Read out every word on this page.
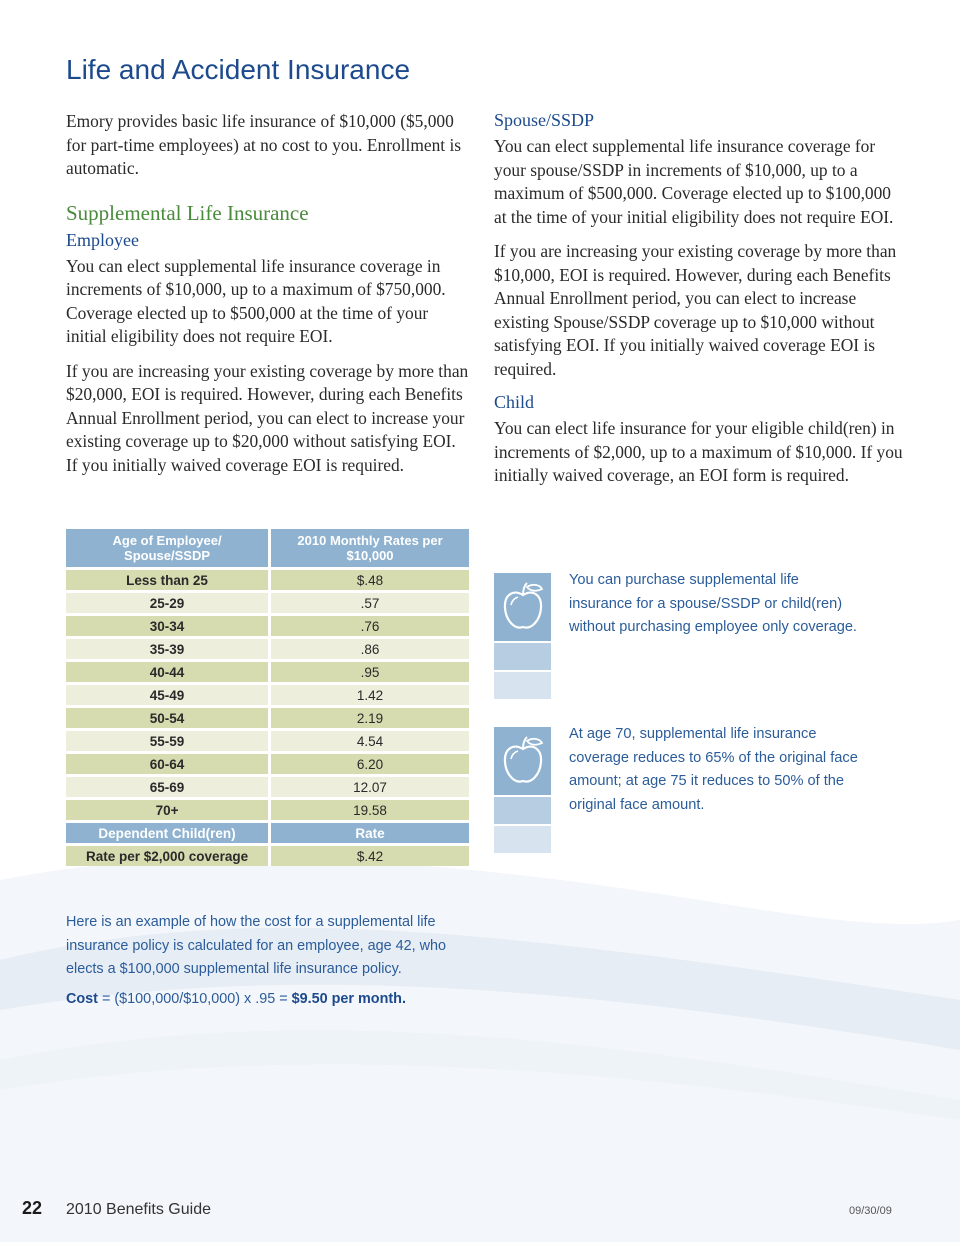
Life and Accident Insurance

Emory provides basic life insurance of $10,000 ($5,000 for part-time employees) at no cost to you. Enrollment is automatic.

Supplemental Life Insurance
Employee

You can elect supplemental life insurance coverage in increments of $10,000, up to a maximum of $750,000. Coverage elected up to $500,000 at the time of your initial eligibility does not require EOI.

If you are increasing your existing coverage by more than $20,000, EOI is required. However, during each Benefits Annual Enrollment period, you can elect to increase your existing coverage up to $20,000 without satisfying EOI. If you initially waived coverage EOI is required.

Age of Employee/ Spouse/SSDP	2010 Monthly Rates per $10,000
Less than 25	$.48
25-29	.57
30-34	.76
35-39	.86
40-44	.95
45-49	1.42
50-54	2.19
55-59	4.54
60-64	6.20
65-69	12.07
70+	19.58
Dependent Child(ren)	Rate
Rate per $2,000 coverage	$.42

Here is an example of how the cost for a supplemental life insurance policy is calculated for an employee, age 42, who elects a $100,000 supplemental life insurance policy.

Cost = ($100,000/$10,000) x .95 = $9.50 per month.

Spouse/SSDP

You can elect supplemental life insurance coverage for your spouse/SSDP in increments of $10,000, up to a maximum of $500,000. Coverage elected up to $100,000 at the time of your initial eligibility does not require EOI.

If you are increasing your existing coverage by more than $10,000, EOI is required. However, during each Benefits Annual Enrollment period, you can elect to increase existing Spouse/SSDP coverage up to $10,000 without satisfying EOI. If you initially waived coverage EOI is required.

Child

You can elect life insurance for your eligible child(ren) in increments of $2,000, up to a maximum of $10,000. If you initially waived coverage, an EOI form is required.

You can purchase supplemental life insurance for a spouse/SSDP or child(ren) without purchasing employee only coverage.

At age 70, supplemental life insurance coverage reduces to 65% of the original face amount; at age 75 it reduces to 50% of the original face amount.

22 2010 Benefits Guide	09/30/09
